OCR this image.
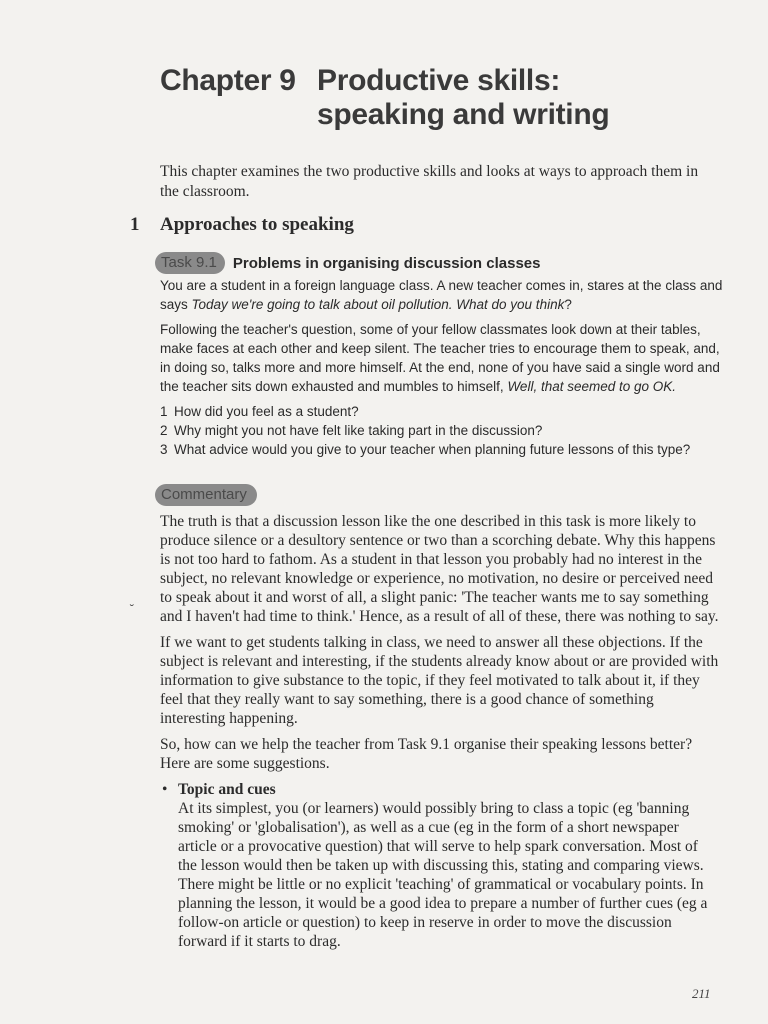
Chapter 9 Productive skills:
speaking and writing
This chapter examines the two productive skills and looks at ways to approach them in the classroom.
1 Approaches to speaking
Task 9.1	Problems in organising discussion classes

You are a student in a foreign language class. A new teacher comes in, stares at the class and says Today we're going to talk about oil pollution. What do you think?

Following the teacher's question, some of your fellow classmates look down at their tables, make faces at each other and keep silent. The teacher tries to encourage them to speak, and, in doing so, talks more and more himself. At the end, none of you have said a single word and the teacher sits down exhausted and mumbles to himself, Well, that seemed to go OK.

1 How did you feel as a student?
2 Why might you not have felt like taking part in the discussion?
3 What advice would you give to your teacher when planning future lessons of this type?
Commentary
˘

The truth is that a discussion lesson like the one described in this task is more likely to produce silence or a desultory sentence or two than a scorching debate. Why this happens is not too hard to fathom. As a student in that lesson you probably had no interest in the subject, no relevant knowledge or experience, no motivation, no desire or perceived need to speak about it and worst of all, a slight panic: 'The teacher wants me to say something and I haven't had time to think.' Hence, as a result of all of these, there was nothing to say.

If we want to get students talking in class, we need to answer all these objections. If the subject is relevant and interesting, if the students already know about or are provided with information to give substance to the topic, if they feel motivated to talk about it, if they feel that they really want to say something, there is a good chance of something interesting happening.

So, how can we help the teacher from Task 9.1 organise their speaking lessons better? Here are some suggestions.

• Topic and cues
At its simplest, you (or learners) would possibly bring to class a topic (eg 'banning smoking' or 'globalisation'), as well as a cue (eg in the form of a short newspaper article or a provocative question) that will serve to help spark conversation. Most of the lesson would then be taken up with discussing this, stating and comparing views. There might be little or no explicit 'teaching' of grammatical or vocabulary points. In planning the lesson, it would be a good idea to prepare a number of further cues (eg a follow-on article or question) to keep in reserve in order to move the discussion forward if it starts to drag.
211
